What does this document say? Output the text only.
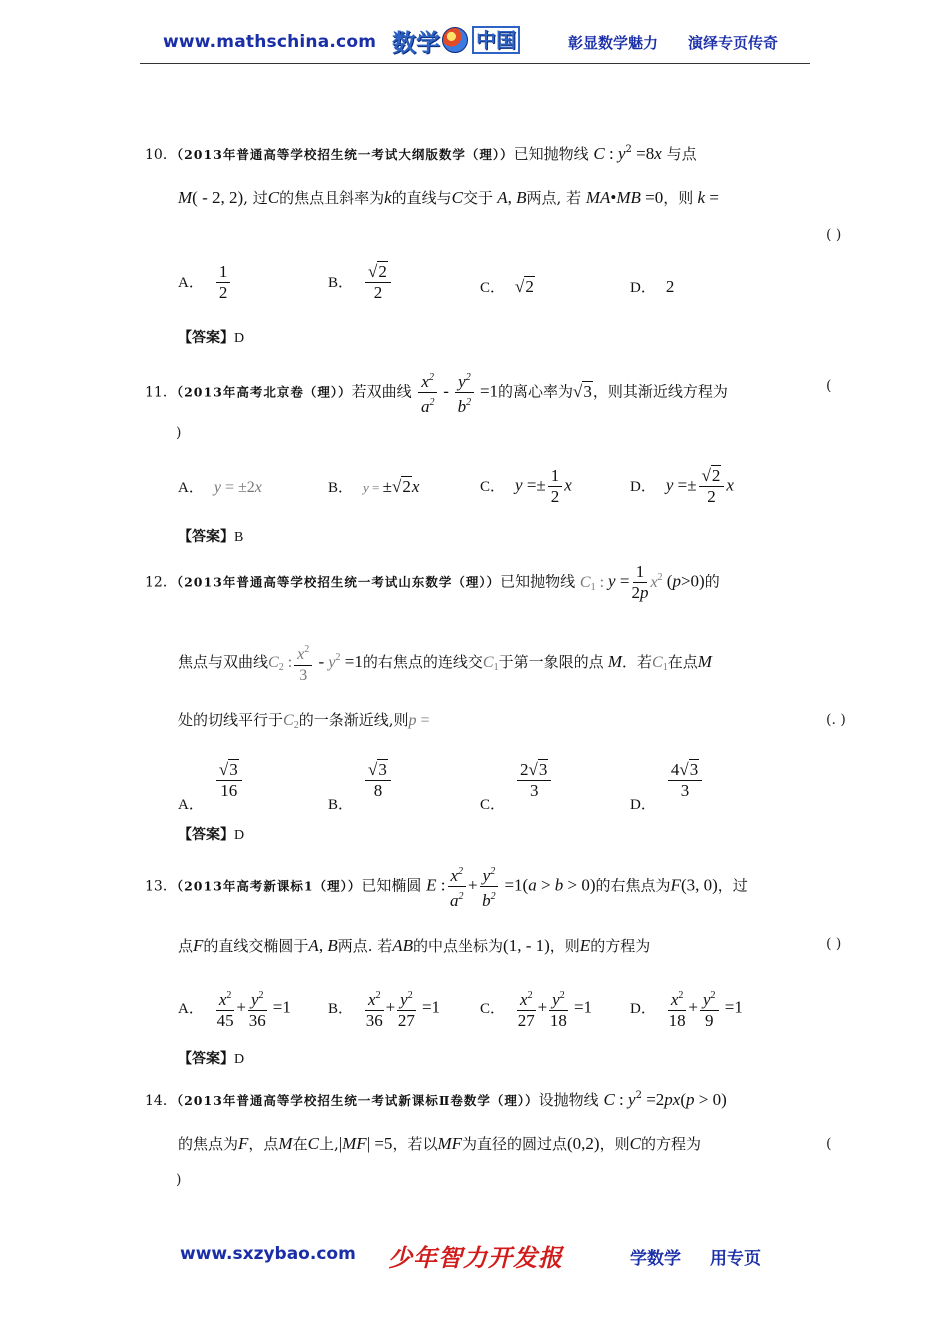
www.mathschina.com 数学 中国	彰显数学魅力 演绎专页传奇
10．（2013年普通高等学校招生统一考试大纲版数学（理））已知抛物线 C : $y^2 =8x$ 与点
M( - 2, 2), 过C的焦点且斜率为k的直线与C交于 A, B两点, 若 MA•MB =0，则 k =
( )
A． $\frac{1}{2}$	B． $\frac{√2}{2}$	C． √2	D． 2
【答案】D
11．（2013年高考北京卷（理））若双曲线 $\frac{x^2}{a^2} - \frac{y^2}{b^2} =1$的离心率为√3，则其渐近线方程为	(
)
A． y = ±2x	B． y = ±√2x	C． $y =\pm \frac{1}{2}$ x	D． $y =\pm \frac{√2}{2}$ x
【答案】B
12．（2013年普通高等学校招生统一考试山东数学（理））已知抛物线 $C_1$ : $y = \frac{1}{2p} x^2$ (p>0)的
焦点与双曲线$C_2$ : $\frac{x^2}{3} - y^2 =1$的右焦点的连线交$C_1$于第一象限的点 M．若$C_1$在点M
处的切线平行于$C_2$的一条渐近线,则p =	(. )
A．
$\frac{√3}{16}$
B．
$\frac{√3}{8}$
C．
$\frac{2√3}{3}$
D．
$\frac{4√3}{3}$
【答案】D
13．（2013年高考新课标1（理））已知椭圆 E : $\frac{x^2}{a^2} + \frac{y^2}{b^2} =1(a > b > 0)$的右焦点为F(3, 0)，过
点F的直线交椭圆于A, B两点. 若AB的中点坐标为(1, - 1)，则E的方程为	( )
A． $\frac{x^2}{45} + \frac{y^2}{36} =1$ B． $\frac{x^2}{36} + \frac{y^2}{27} =1$	C． $\frac{x^2}{27} + \frac{y^2}{18} =1$	D． $\frac{x^2}{18} + \frac{y^2}{9} =1$
【答案】D
14．（2013年普通高等学校招生统一考试新课标Ⅱ卷数学（理））设抛物线 C : $y^2 =2px(p > 0)$
的焦点为F，点M在C上,|MF| =5，若以MF为直径的圆过点(0,2)，则C的方程为	(
)
www.sxzybao.com 少年智力开发报	学数学 用专页
